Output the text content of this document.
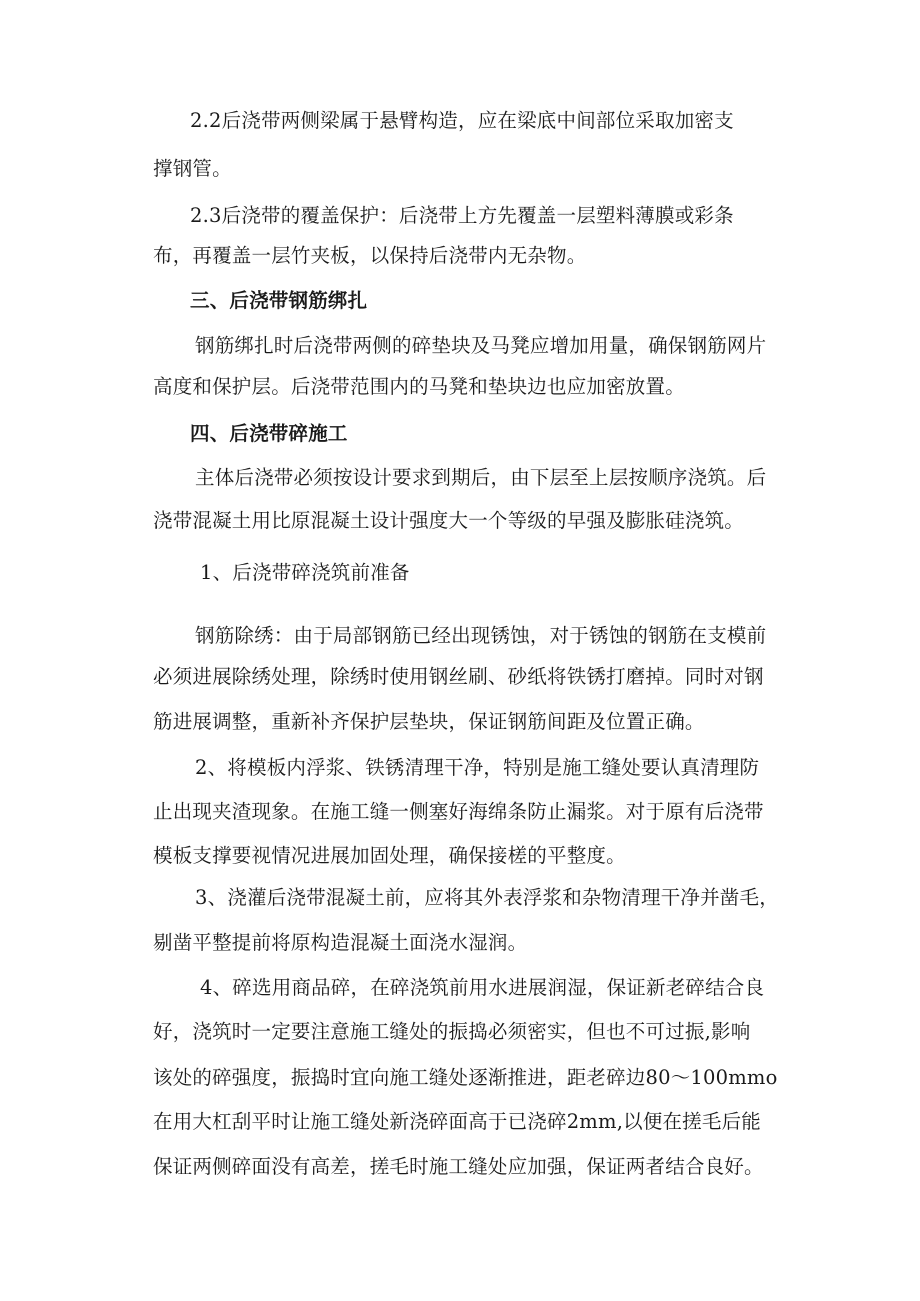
2.2后浇带两侧梁属于悬臂构造，应在梁底中间部位采取加密支
撑钢管。
2.3后浇带的覆盖保护：后浇带上方先覆盖一层塑料薄膜或彩条
布，再覆盖一层竹夹板，以保持后浇带内无杂物。
三、后浇带钢筋绑扎
钢筋绑扎时后浇带两侧的碎垫块及马凳应增加用量，确保钢筋网片
高度和保护层。后浇带范围内的马凳和垫块边也应加密放置。
四、后浇带碎施工
主体后浇带必须按设计要求到期后，由下层至上层按顺序浇筑。后
浇带混凝土用比原混凝土设计强度大一个等级的早强及膨胀硅浇筑。
1、后浇带碎浇筑前准备
钢筋除绣：由于局部钢筋已经出现锈蚀，对于锈蚀的钢筋在支模前
必须进展除绣处理，除绣时使用钢丝刷、砂纸将铁锈打磨掉。同时对钢
筋进展调整，重新补齐保护层垫块，保证钢筋间距及位置正确。
2、将模板内浮浆、铁锈清理干净，特别是施工缝处要认真清理防
止出现夹渣现象。在施工缝一侧塞好海绵条防止漏浆。对于原有后浇带
模板支撑要视情况进展加固处理，确保接槎的平整度。
3、浇灌后浇带混凝土前，应将其外表浮浆和杂物清理干净并凿毛，
剔凿平整提前将原构造混凝土面浇水湿润。
4、碎选用商品碎，在碎浇筑前用水进展润湿，保证新老碎结合良
好，浇筑时一定要注意施工缝处的振捣必须密实，但也不可过振,影响
该处的碎强度，振捣时宜向施工缝处逐渐推进，距老碎边80～100mmo
在用大杠刮平时让施工缝处新浇碎面高于已浇碎2mm,以便在搓毛后能
保证两侧碎面没有高差，搓毛时施工缝处应加强，保证两者结合良好。
